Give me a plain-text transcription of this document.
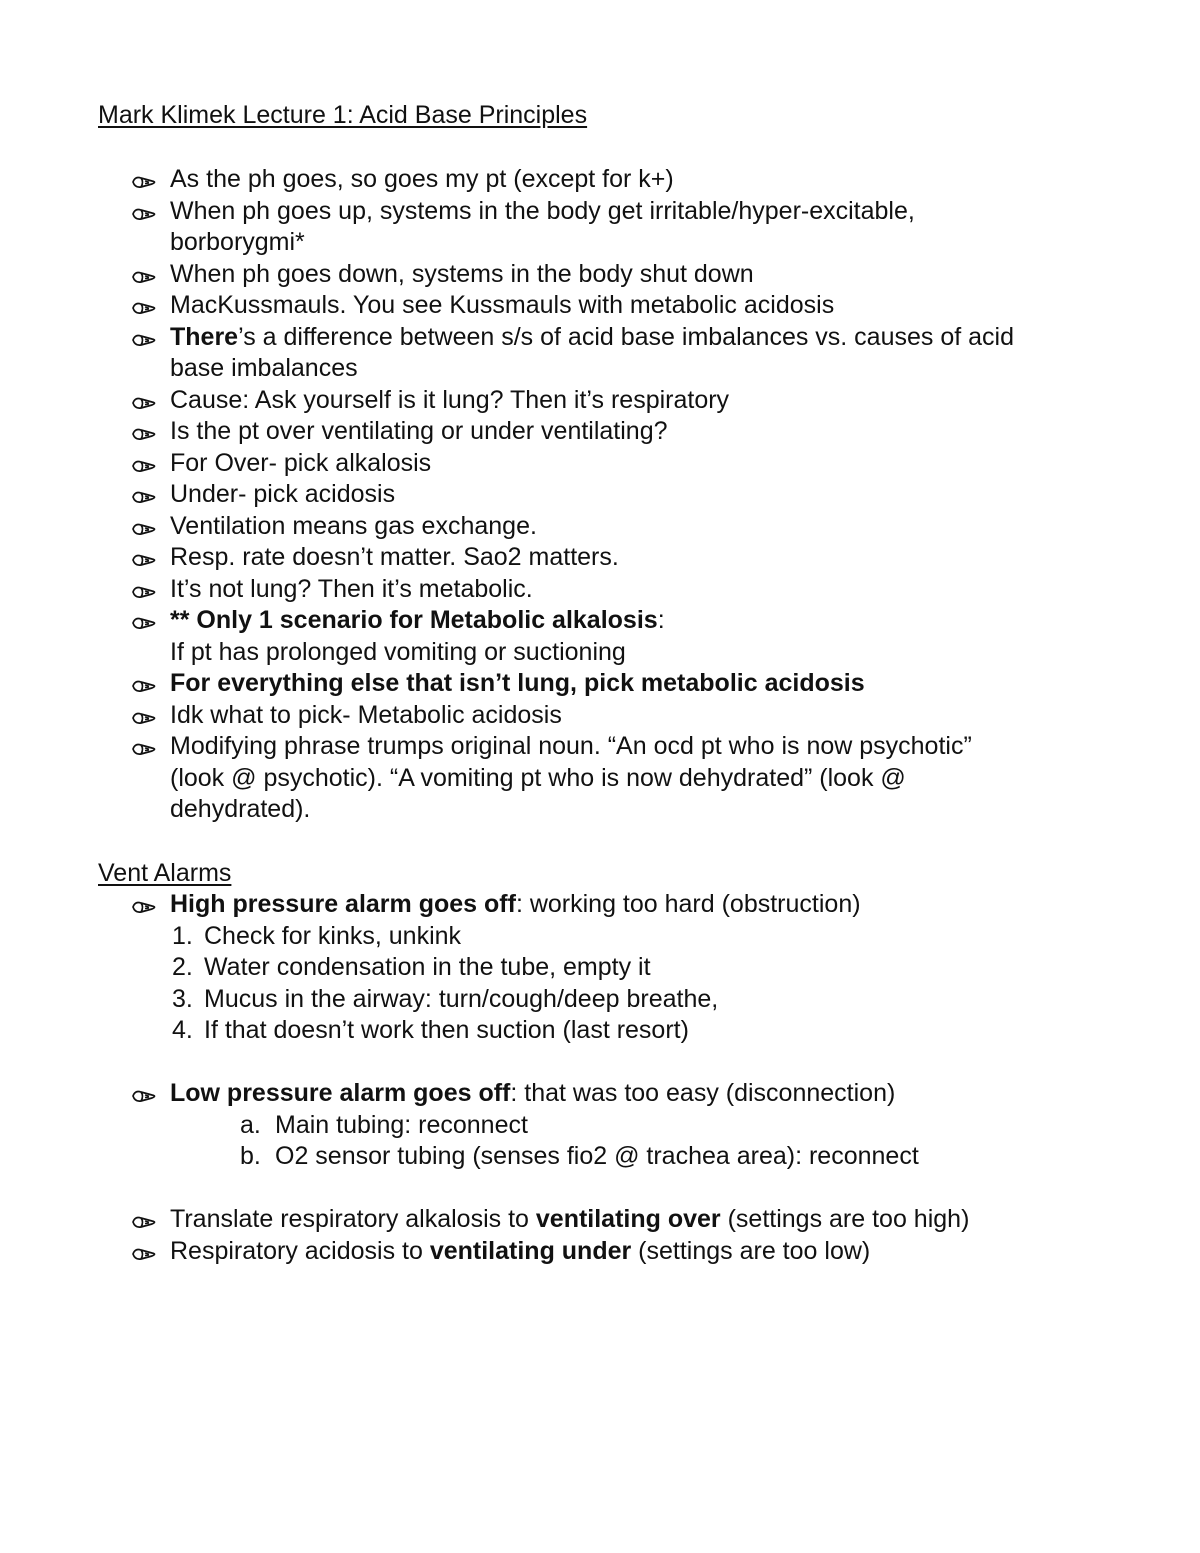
Mark Klimek Lecture 1: Acid Base Principles
As the ph goes, so goes my pt (except for k+)
When ph goes up, systems in the body get irritable/hyper-excitable,
borborygmi*
When ph goes down, systems in the body shut down
MacKussmauls. You see Kussmauls with metabolic acidosis
There’s a difference between s/s of acid base imbalances vs. causes of acid
base imbalances
Cause: Ask yourself is it lung? Then it’s respiratory
Is the pt over ventilating or under ventilating?
For Over- pick alkalosis
Under- pick acidosis
Ventilation means gas exchange.
Resp. rate doesn’t matter. Sao2 matters.
It’s not lung? Then it’s metabolic.
** Only 1 scenario for Metabolic alkalosis:
If pt has prolonged vomiting or suctioning
For everything else that isn’t lung, pick metabolic acidosis
Idk what to pick- Metabolic acidosis
Modifying phrase trumps original noun. “An ocd pt who is now psychotic”
(look @ psychotic). “A vomiting pt who is now dehydrated” (look @
dehydrated).
Vent Alarms
High pressure alarm goes off: working too hard (obstruction)
1. Check for kinks, unkink
2. Water condensation in the tube, empty it
3. Mucus in the airway: turn/cough/deep breathe,
4. If that doesn’t work then suction (last resort)
Low pressure alarm goes off: that was too easy (disconnection)
a. Main tubing: reconnect
b. O2 sensor tubing (senses fio2 @ trachea area): reconnect
Translate respiratory alkalosis to ventilating over (settings are too high)
Respiratory acidosis to ventilating under (settings are too low)
